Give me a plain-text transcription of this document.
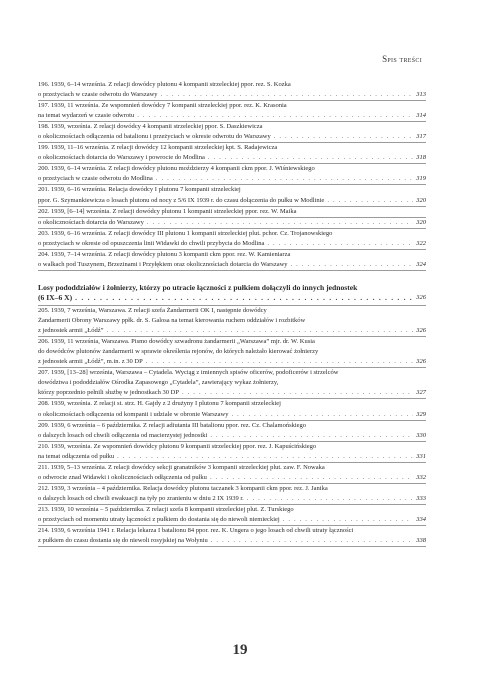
Spis treści
196. 1939, 6–14 września. Z relacji dowódcy plutonu 4 kompanii strzeleckiej ppor. rez. S. Kozka
o przeżyciach w czasie odwrotu do Warszawy . . .	313
197. 1939, 11 września. Ze wspomnień dowódcy 7 kompanii strzeleckiej ppor. rez. K. Krasonia
na temat wydarzeń w czasie odwrotu . . .	314
198. 1939, września. Z relacji dowódcy 4 kompanii strzeleckiej ppor. S. Daszkiewicza
o okolicznościach odłączenia od batalionu i przeżyciach w okresie odwrotu do Warszawy . . .	317
199. 1939, 11–16 września. Z relacji dowódcy 12 kompanii strzeleckiej kpt. S. Radajewicza
o okolicznościach dotarcia do Warszawy i powrocie do Modlina . . .	318
200. 1939, 6–14 września. Z relacji dowódcy plutonu moździerzy 4 kompanii ckm ppor. J. Wiśniewskiego
o przeżyciach w czasie odwrotu do Modlina . . .	319
201. 1939, 6–16 września. Relacja dowódcy I plutonu 7 kompanii strzeleckiej
ppor. G. Szymankiewicza o losach plutonu od nocy z 5/6 IX 1939 r. do czasu dołączenia do pułku w Modlinie . . .	320
202. 1939, [6–14] września. Z relacji dowódcy plutonu 1 kompanii strzeleckiej ppor. rez. W. Maika
o okolicznościach dotarcia do Warszawy . . .	320
203. 1939, 6–16 września. Z relacji dowódcy III plutonu 1 kompanii strzeleckiej plut. pchor. Cz. Trojanowskiego
o przeżyciach w okresie od opuszczenia linii Widawki do chwili przybycia do Modlina . . .	322
204. 1939, 7–14 września. Z relacji dowódcy plutonu 3 kompanii ckm ppor. rez. W. Kamieniarza
o walkach pod Tuszynem, Brzezinami i Przyłękiem oraz okolicznościach dotarcia do Warszawy . . .	324
Losy pododdziałów i żołnierzy, którzy po utracie łączności z pułkiem dołączyli do innych jednostek
(6 IX–6 X) . . .	326
205. 1939, 7 września, Warszawa. Z relacji szefa Żandarmerii OK I, następnie dowódcy
Żandarmerii Obrony Warszawy ppłk. dr. S. Galosa na temat kierowania ruchem oddziałów i rozbitków
z jednostek armii „Łódź” . . .	326
206. 1939, 11 września, Warszawa. Pismo dowódcy szwadronu żandarmerii „Warszawa” mjr. dr. W. Kusia
do dowódców plutonów żandarmerii w sprawie określenia rejonów, do których należało kierować żołnierzy
z jednostek armii „Łódź”, m.in. z 30 DP . . .	326
207. 1939, [13–28] września, Warszawa – Cytadela. Wyciąg z imiennych spisów oficerów, podoficerów i strzelców
dowództwa i pododdziałów Ośrodka Zapasowego „Cytadela”, zawierający wykaz żołnierzy,
którzy poprzednio pełnili służbę w jednostkach 30 DP . . .	327
208. 1939, września. Z relacji st. strz. H. Gajdy z 2 drużyny I plutonu 7 kompanii strzeleckiej
o okolicznościach odłączenia od kompanii i udziale w obronie Warszawy . . .	329
209. 1939, 6 września – 6 października. Z relacji adiutanta III batalionu ppor. rez. Cz. Chalamońskiego
o dalszych losach od chwili odłączenia od macierzystej jednostki . . .	330
210. 1939, września. Ze wspomnień dowódcy plutonu 9 kompanii strzeleckiej ppor. rez. J. Kapuścińskiego
na temat odłączenia od pułku . . .	331
211. 1939, 5–13 września. Z relacji dowódcy sekcji granatników 3 kompanii strzeleckiej plut. zaw. F. Nowaka
o odwrocie znad Widawki i okolicznościach odłączenia od pułku . . .	332
212. 1939, 3 września – 4 października. Relacja dowódcy plutonu taczanek 3 kompanii ckm ppor. rez. J. Janika
o dalszych losach od chwili ewakuacji na tyły po zranieniu w dniu 2 IX 1939 r. . . .	333
213. 1939, 10 września – 5 października. Z relacji szefa 8 kompanii strzeleckiej plut. Z. Turskiego
o przeżyciach od momentu utraty łączności z pułkiem do dostania się do niewoli niemieckiej . . .	334
214. 1939, 6 września 1941 r. Relacja lekarza I batalionu 84 ppor. rez. K. Ungera o jego losach od chwili utraty łączności
z pułkiem do czasu dostania się do niewoli rosyjskiej na Wołyniu . . .	338
19
